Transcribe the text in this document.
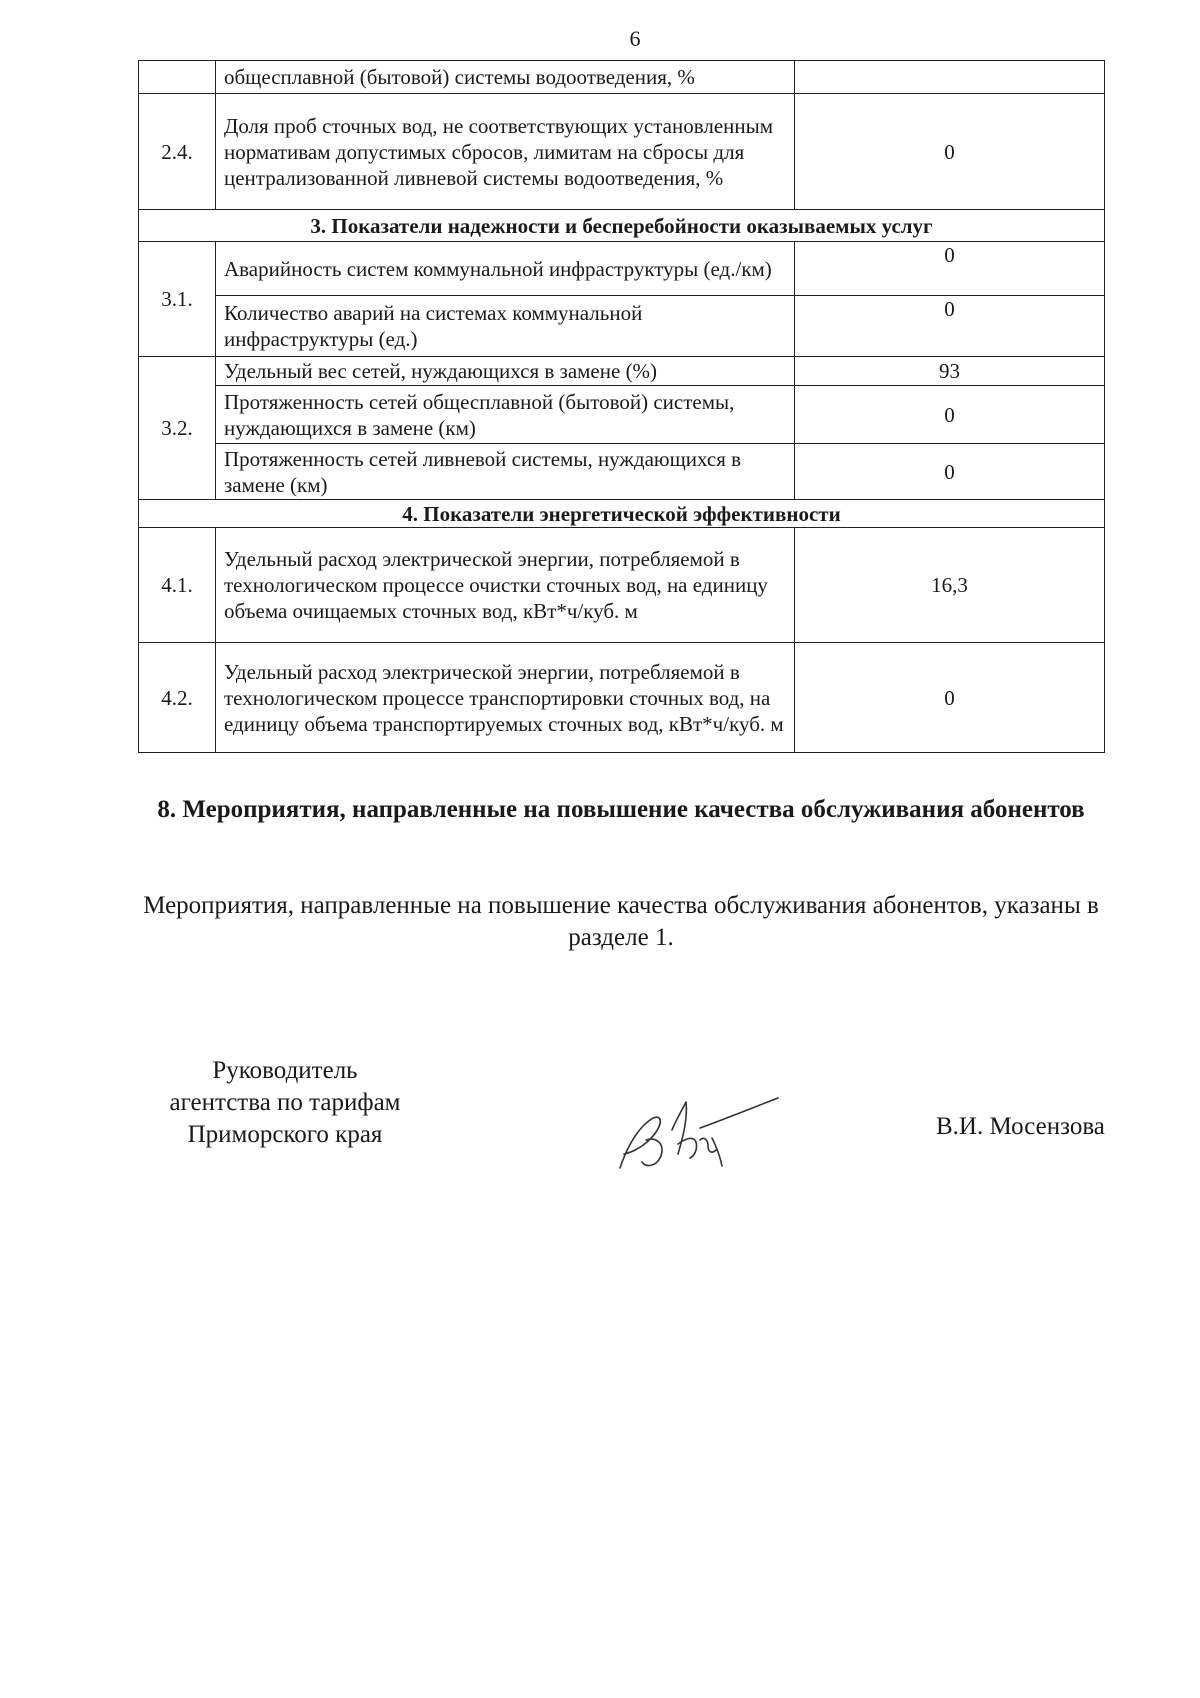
6
	общесплавной (бытовой) системы водоотведения, %	
2.4.	Доля проб сточных вод, не соответствующих установленным нормативам допустимых сбросов, лимитам на сбросы для централизованной ливневой системы водоотведения, %	0
3. Показатели надежности и бесперебойности оказываемых услуг		
3.1.	Аварийность систем коммунальной инфраструктуры (ед./км)	0
	Количество аварий на системах коммунальной инфраструктуры (ед.)	0
3.2.	Удельный вес сетей, нуждающихся в замене (%)	93
	Протяженность сетей общесплавной (бытовой) системы, нуждающихся в замене (км)	0
	Протяженность сетей ливневой системы, нуждающихся в замене (км)	0
4. Показатели энергетической эффективности		
4.1.	Удельный расход электрической энергии, потребляемой в технологическом процессе очистки сточных вод, на единицу объема очищаемых сточных вод, кВт*ч/куб. м	16,3
4.2.	Удельный расход электрической энергии, потребляемой в технологическом процессе транспортировки сточных вод, на единицу объема транспортируемых сточных вод, кВт*ч/куб. м	0
8. Мероприятия, направленные на повышение качества обслуживания абонентов
Мероприятия, направленные на повышение качества обслуживания абонентов, указаны в разделе 1.
Руководитель
агентства по тарифам
Приморского края	В.И. Мосензова
